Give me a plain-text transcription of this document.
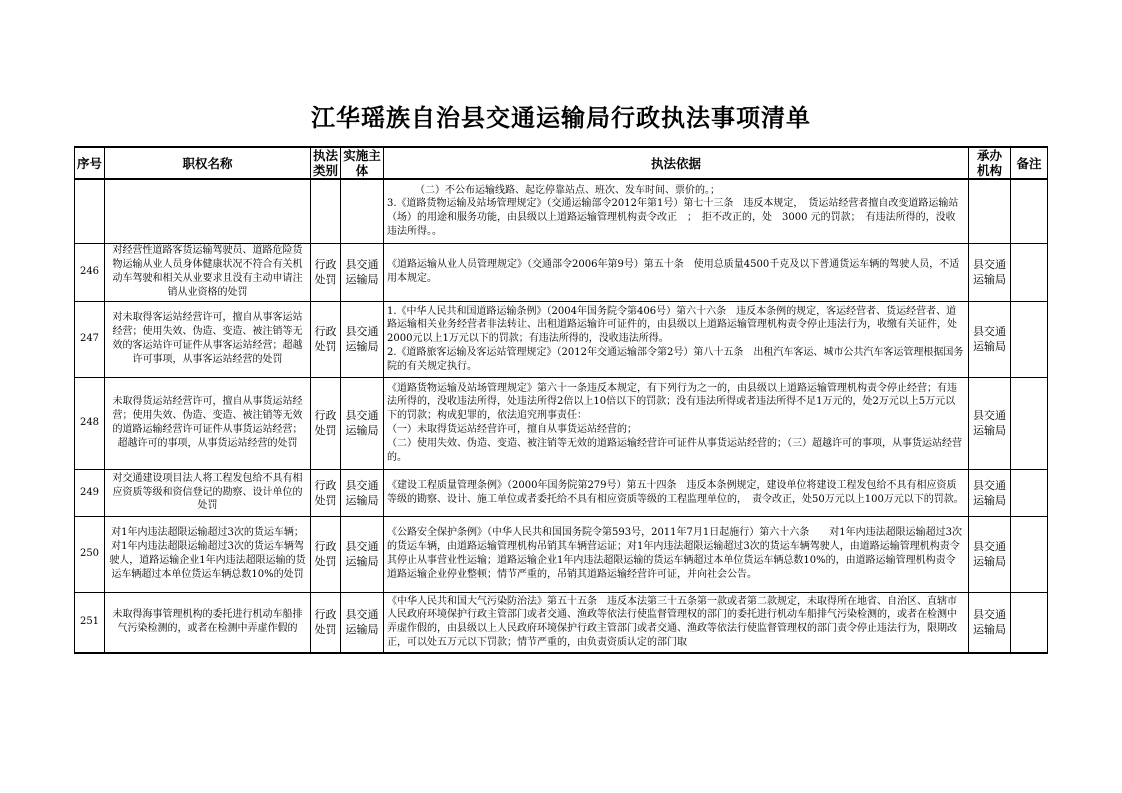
江华瑶族自治县交通运输局行政执法事项清单
序号	职权名称	执法类别	实施主体	执法依据	承办机构	备注

				（二）不公布运输线路、起讫停靠站点、班次、发车时间、票价的。；
3.《道路货物运输及站场管理规定》（交通运输部令2012年第1号）第七十三条　违反本规定，　货运站经营者擅自改变道路运输站（场）的用途和服务功能，由县级以上道路运输管理机构责令改正　；　拒不改正的，处　3000 元的罚款；　有违法所得的，没收违法所得。。		

246	对经营性道路客货运输驾驶员、道路危险货物运输从业人员身体健康状况不符合有关机动车驾驶和相关从业要求且没有主动申请注销从业资格的处罚	行政处罚	县交通运输局	《道路运输从业人员管理规定》（交通部令2006年第9号）第五十条　使用总质量4500千克及以下普通货运车辆的驾驶人员，不适用本规定。	县交通运输局	
247	对未取得客运站经营许可，擅自从事客运站经营；使用失效、伪造、变造、被注销等无效的客运站许可证件从事客运站经营；超越许可事项，从事客运站经营的处罚	行政处罚	县交通运输局	1.《中华人民共和国道路运输条例》（2004年国务院令第406号）第六十六条　违反本条例的规定，客运经营者、货运经营者、道路运输相关业务经营者非法转让、出租道路运输许可证件的，由县级以上道路运输管理机构责令停止违法行为，收缴有关证件，处2000元以上1万元以下的罚款；有违法所得的，没收违法所得。
2.《道路旅客运输及客运站管理规定》（2012年交通运输部令第2号）第八十五条　出租汽车客运、城市公共汽车客运管理根据国务院的有关规定执行。	县交通运输局	
248	未取得货运站经营许可，擅自从事货运站经营；使用失效、伪造、变造、被注销等无效的道路运输经营许可证件从事货运站经营；超越许可的事项，从事货运站经营的处罚	行政处罚	县交通运输局	《道路货物运输及站场管理规定》第六十一条违反本规定，有下列行为之一的，由县级以上道路运输管理机构责令停止经营；有违法所得的，没收违法所得，处违法所得2倍以上10倍以下的罚款；没有违法所得或者违法所得不足1万元的，处2万元以上5万元以下的罚款；构成犯罪的，依法追究刑事责任：
（一）未取得货运站经营许可，擅自从事货运站经营的；
（二）使用失效、伪造、变造、被注销等无效的道路运输经营许可证件从事货运站经营的；（三）超越许可的事项，从事货运站经营的。	县交通运输局	
249	对交通建设项目法人将工程发包给不具有相应资质等级和资信登记的勘察、设计单位的处罚	行政处罚	县交通运输局	《建设工程质量管理条例》（2000年国务院第279号）第五十四条　违反本条例规定，建设单位将建设工程发包给不具有相应资质等级的勘察、设计、施工单位或者委托给不具有相应资质等级的工程监理单位的，　责令改正，处50万元以上100万元以下的罚款。	县交通运输局	
250	对1年内违法超限运输超过3次的货运车辆；对1年内违法超限运输超过3次的货运车辆驾驶人，道路运输企业1年内违法超限运输的货运车辆超过本单位货运车辆总数10%的处罚	行政处罚	县交通运输局	《公路安全保护条例》（中华人民共和国国务院令第593号，2011年7月1日起施行）第六十六条　　对1年内违法超限运输超过3次的货运车辆，由道路运输管理机构吊销其车辆营运证；对1年内违法超限运输超过3次的货运车辆驾驶人，由道路运输管理机构责令其停止从事营业性运输；道路运输企业1年内违法超限运输的货运车辆超过本单位货运车辆总数10%的，由道路运输管理机构责令道路运输企业停业整顿；情节严重的，吊销其道路运输经营许可证，并向社会公告。	县交通运输局	
251	未取得海事管理机构的委托进行机动车船排气污染检测的，或者在检测中弄虚作假的	行政处罚	县交通运输局	《中华人民共和国大气污染防治法》第五十五条　违反本法第三十五条第一款或者第二款规定，未取得所在地省、自治区、直辖市人民政府环境保护行政主管部门或者交通、渔政等依法行使监督管理权的部门的委托进行机动车船排气污染检测的，或者在检测中弄虚作假的，由县级以上人民政府环境保护行政主管部门或者交通、渔政等依法行使监督管理权的部门责令停止违法行为，限期改正，可以处五万元以下罚款；情节严重的，由负责资质认定的部门取	县交通运输局	
